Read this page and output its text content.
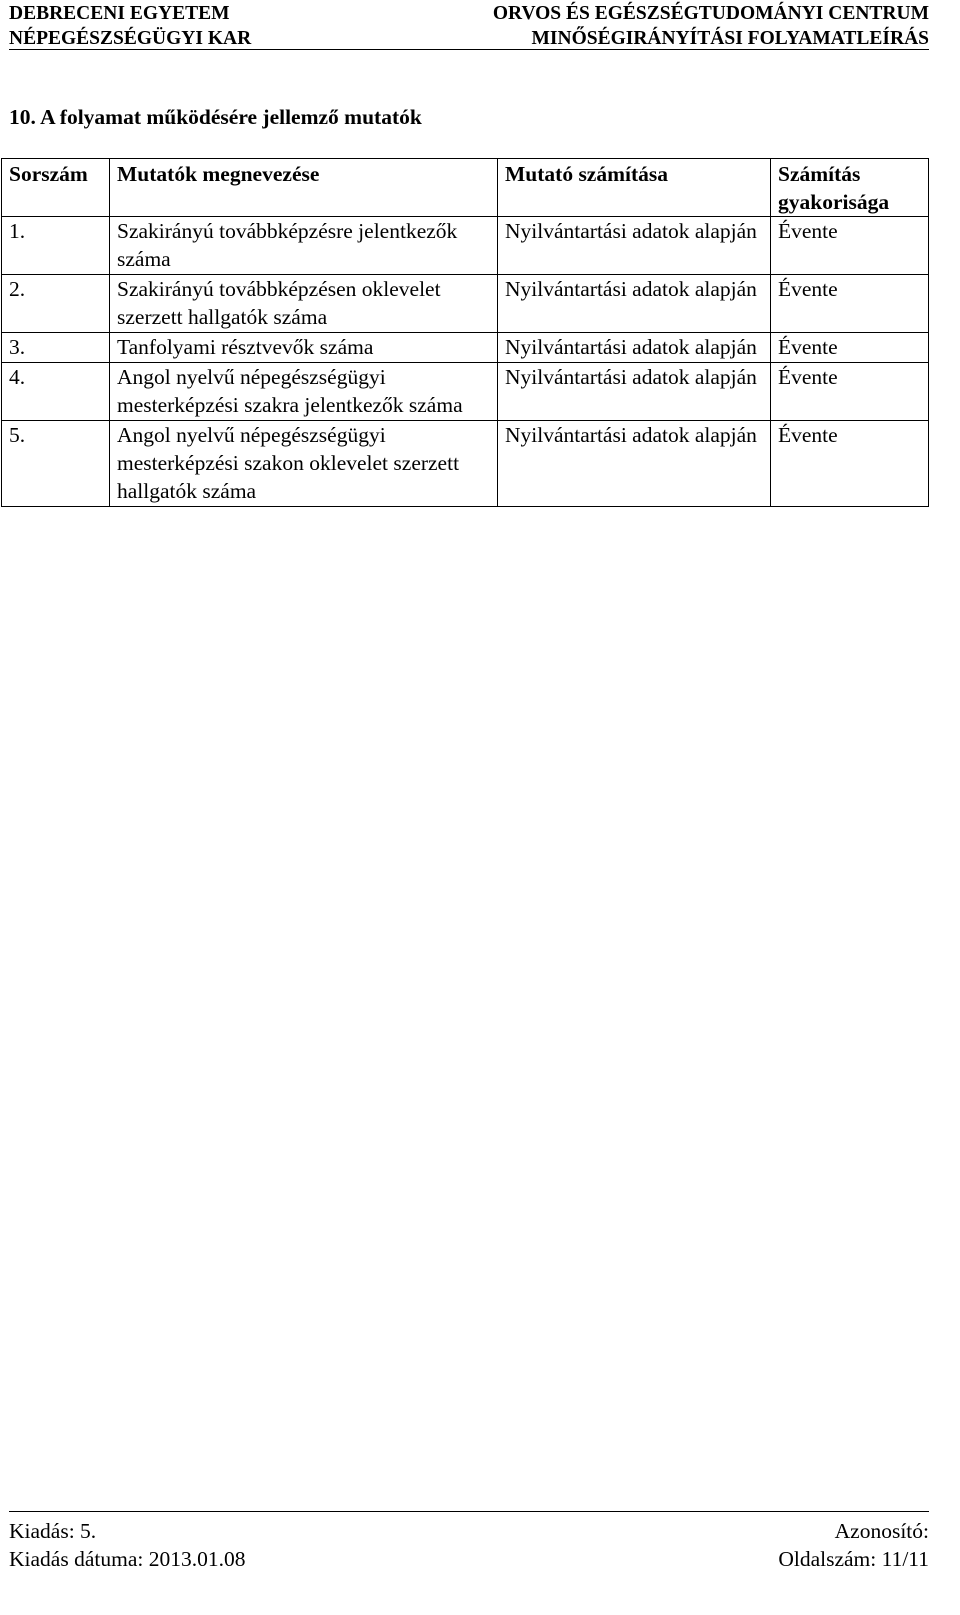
DEBRECENI EGYETEM
NÉPEGÉSZSÉGÜGYI KAR
ORVOS ÉS EGÉSZSÉGTUDOMÁNYI CENTRUM
MINŐSÉGIRÁNYÍTÁSI FOLYAMATLEÍRÁS
10. A folyamat működésére jellemző mutatók
Sorszám	Mutatók megnevezése	Mutató számítása	Számítás gyakorisága
1.	Szakirányú továbbképzésre jelentkezők száma	Nyilvántartási adatok alapján	Évente
2.	Szakirányú továbbképzésen oklevelet szerzett hallgatók száma	Nyilvántartási adatok alapján	Évente
3.	Tanfolyami résztvevők száma	Nyilvántartási adatok alapján	Évente
4.	Angol nyelvű népegészségügyi mesterképzési szakra jelentkezők száma	Nyilvántartási adatok alapján	Évente
5.	Angol nyelvű népegészségügyi mesterképzési szakon oklevelet szerzett hallgatók száma	Nyilvántartási adatok alapján	Évente
Kiadás: 5.
Kiadás dátuma: 2013.01.08
Azonosító:
Oldalszám: 11/11
